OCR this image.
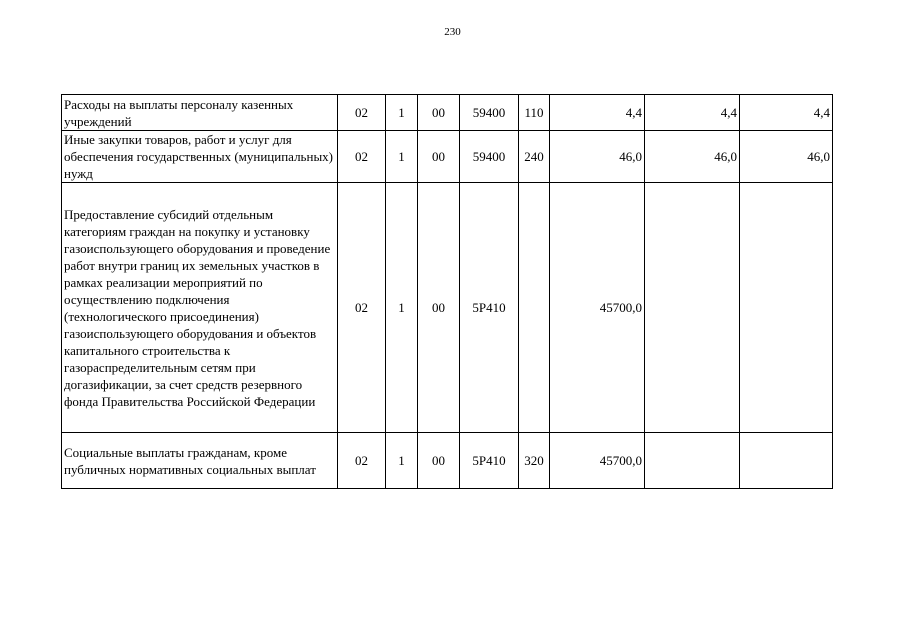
230
Расходы на выплаты персоналу казенных учреждений	02	1	00	59400	110	4,4	4,4	4,4
Иные закупки товаров, работ и услуг для обеспечения государственных (муниципальных) нужд	02	1	00	59400	240	46,0	46,0	46,0
Предоставление субсидий отдельным категориям граждан на покупку и установку газоиспользующего оборудования и проведение работ внутри границ их земельных участков в рамках реализации мероприятий по осуществлению подключения (технологического присоединения) газоиспользующего оборудования и объектов капитального строительства к газораспределительным сетям при догазификации, за счет средств резервного фонда Правительства Российской Федерации	02	1	00	5Р410		45700,0		
Социальные выплаты гражданам, кроме публичных нормативных социальных выплат	02	1	00	5Р410	320	45700,0		
